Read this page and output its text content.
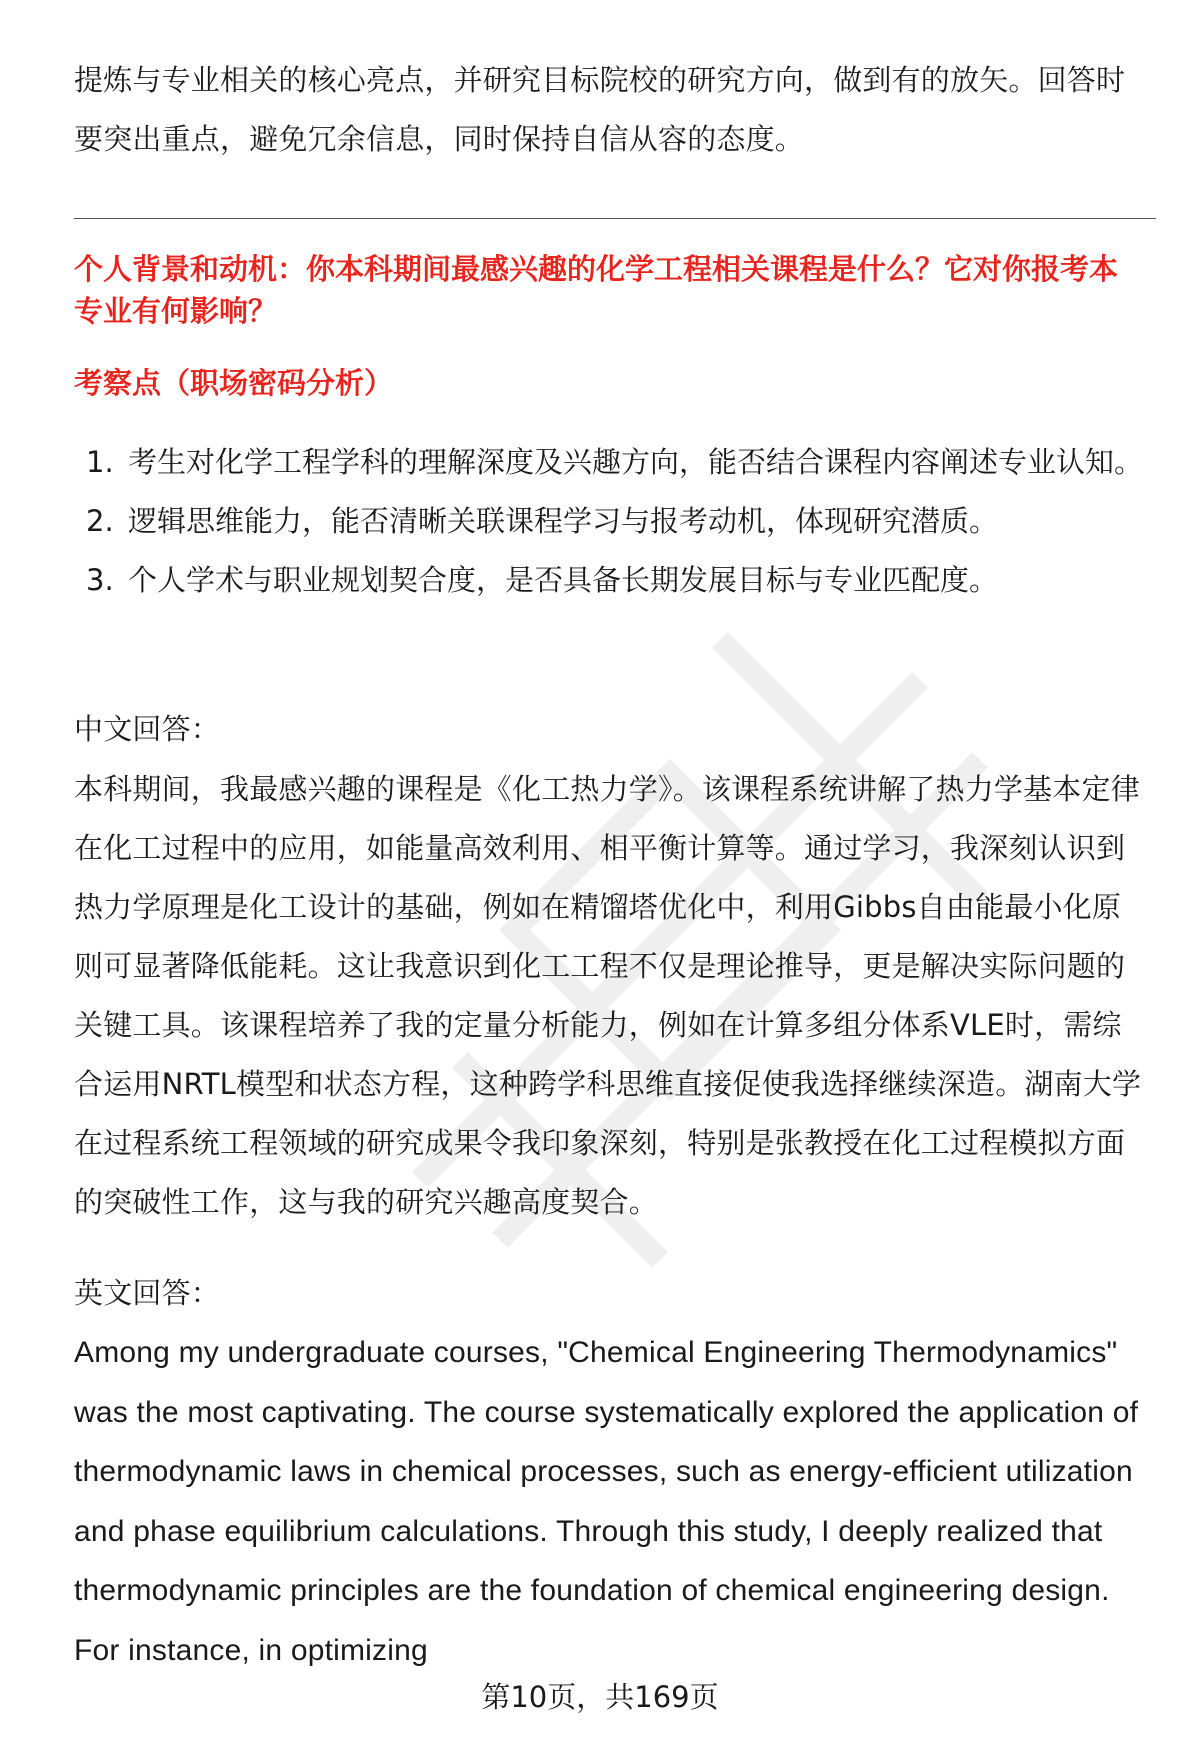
提炼与专业相关的核心亮点，并研究目标院校的研究方向，做到有的放矢。回答时要突出重点，避免冗余信息，同时保持自信从容的态度。

个人背景和动机：你本科期间最感兴趣的化学工程相关课程是什么？它对你报考本专业有何影响？

考察点（职场密码分析）

1. 考生对化学工程学科的理解深度及兴趣方向，能否结合课程内容阐述专业认知。
2. 逻辑思维能力，能否清晰关联课程学习与报考动机，体现研究潜质。
3. 个人学术与职业规划契合度，是否具备长期发展目标与专业匹配度。

中文回答：

本科期间，我最感兴趣的课程是《化工热力学》。该课程系统讲解了热力学基本定律在化工过程中的应用，如能量高效利用、相平衡计算等。通过学习，我深刻认识到热力学原理是化工设计的基础，例如在精馏塔优化中，利用Gibbs自由能最小化原则可显著降低能耗。这让我意识到化工工程不仅是理论推导，更是解决实际问题的关键工具。该课程培养了我的定量分析能力，例如在计算多组分体系VLE时，需综合运用NRTL模型和状态方程，这种跨学科思维直接促使我选择继续深造。湖南大学在过程系统工程领域的研究成果令我印象深刻，特别是张教授在化工过程模拟方面的突破性工作，这与我的研究兴趣高度契合。

英文回答：

Among my undergraduate courses, "Chemical Engineering Thermodynamics" was the most captivating. The course systematically explored the application of thermodynamic laws in chemical processes, such as energy-efficient utilization and phase equilibrium calculations. Through this study, I deeply realized that thermodynamic principles are the foundation of chemical engineering design. For instance, in optimizing

第10页，共169页
